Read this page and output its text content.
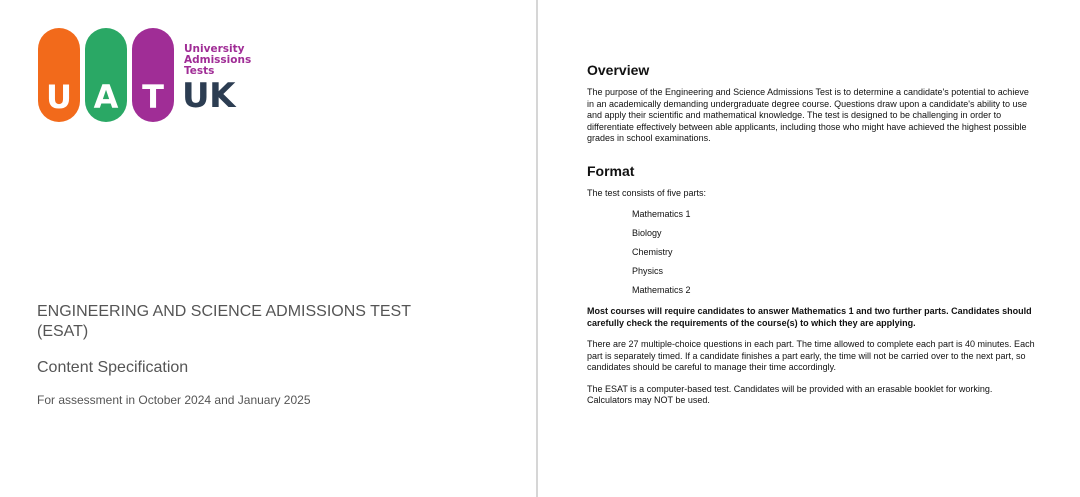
U A T
University
Admissions
Tests
UK
ENGINEERING AND SCIENCE ADMISSIONS TEST (ESAT)
Content Specification
For assessment in October 2024 and January 2025
Overview

The purpose of the Engineering and Science Admissions Test is to determine a candidate's potential to achieve in an academically demanding undergraduate degree course. Questions draw upon a candidate's ability to use and apply their scientific and mathematical knowledge. The test is designed to be challenging in order to differentiate effectively between able applicants, including those who might have achieved the highest possible grades in school examinations.

Format

The test consists of five parts:

Mathematics 1
Biology
Chemistry
Physics
Mathematics 2

Most courses will require candidates to answer Mathematics 1 and two further parts. Candidates should carefully check the requirements of the course(s) to which they are applying.

There are 27 multiple-choice questions in each part. The time allowed to complete each part is 40 minutes. Each part is separately timed. If a candidate finishes a part early, the time will not be carried over to the next part, so candidates should be careful to manage their time accordingly.

The ESAT is a computer-based test. Candidates will be provided with an erasable booklet for working. Calculators may NOT be used.
